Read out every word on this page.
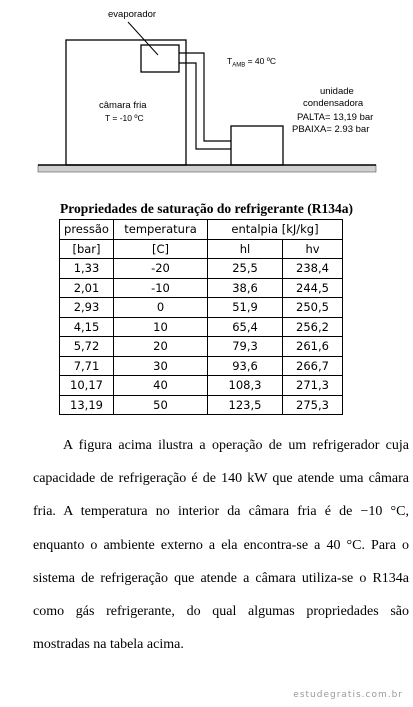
evaporador
$T_{AMB} = 40$ ºC
câmara fria
T = -10 ºC
unidade
condensadora
PALTA= 13,19 bar
PBAIXA= 2.93 bar
Propriedades de saturação do refrigerante (R134a)
pressão	temperatura	entalpia [kJ/kg]	
[bar]	[C]	hl	hv
1,33	-20	25,5	238,4
2,01	-10	38,6	244,5
2,93	0	51,9	250,5
4,15	10	65,4	256,2
5,72	20	79,3	261,6
7,71	30	93,6	266,7
10,17	40	108,3	271,3
13,19	50	123,5	275,3
A figura acima ilustra a operação de um refrigerador cuja capacidade de refrigeração é de 140 kW que atende uma câmara fria. A temperatura no interior da câmara fria é de −10 °C, enquanto o ambiente externo a ela encontra-se a 40 °C. Para o sistema de refrigeração que atende a câmara utiliza-se o R134a como gás refrigerante, do qual algumas propriedades são mostradas na tabela acima.
estudegratis.com.br
